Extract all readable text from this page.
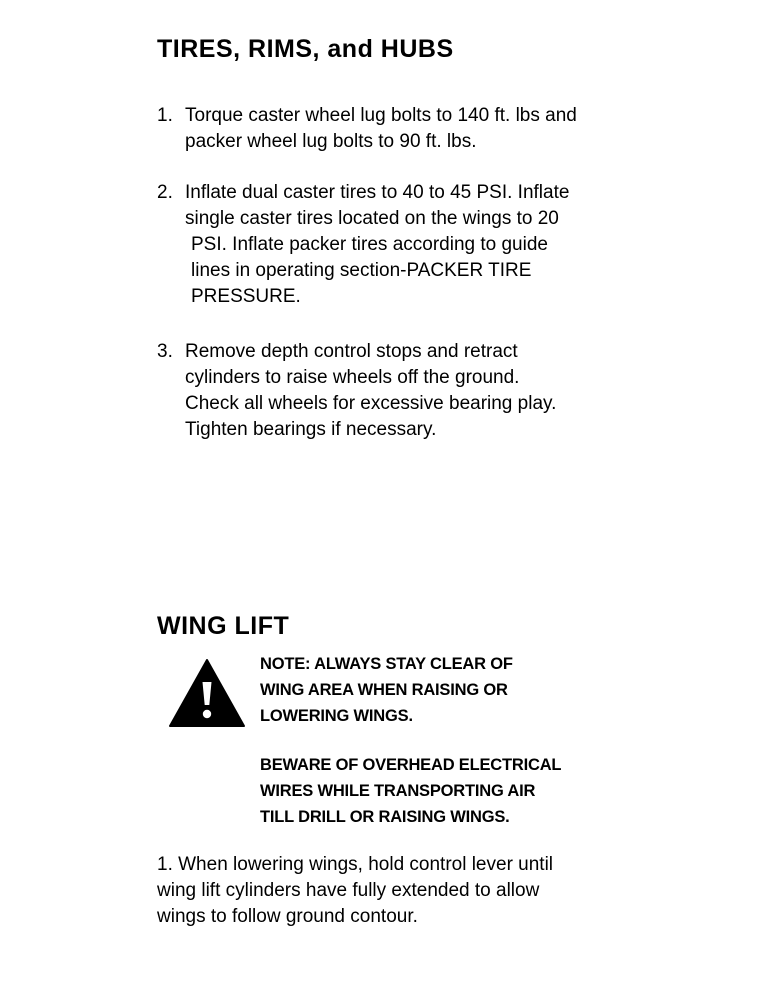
TIRES, RIMS, and HUBS
1. Torque caster wheel lug bolts to 140 ft. lbs and
packer wheel lug bolts to 90 ft. lbs.
2. Inflate dual caster tires to 40 to 45 PSI. Inflate
single caster tires located on the wings to 20
PSI. Inflate packer tires according to guide
lines in operating section-PACKER TIRE
PRESSURE.
3. Remove depth control stops and retract
cylinders to raise wheels off the ground.
Check all wheels for excessive bearing play.
Tighten bearings if necessary.
WING LIFT
NOTE: ALWAYS STAY CLEAR OF
WING AREA WHEN RAISING OR
LOWERING WINGS.
BEWARE OF OVERHEAD ELECTRICAL
WIRES WHILE TRANSPORTING AIR
TILL DRILL OR RAISING WINGS.
1. When lowering wings, hold control lever until
wing lift cylinders have fully extended to allow
wings to follow ground contour.
